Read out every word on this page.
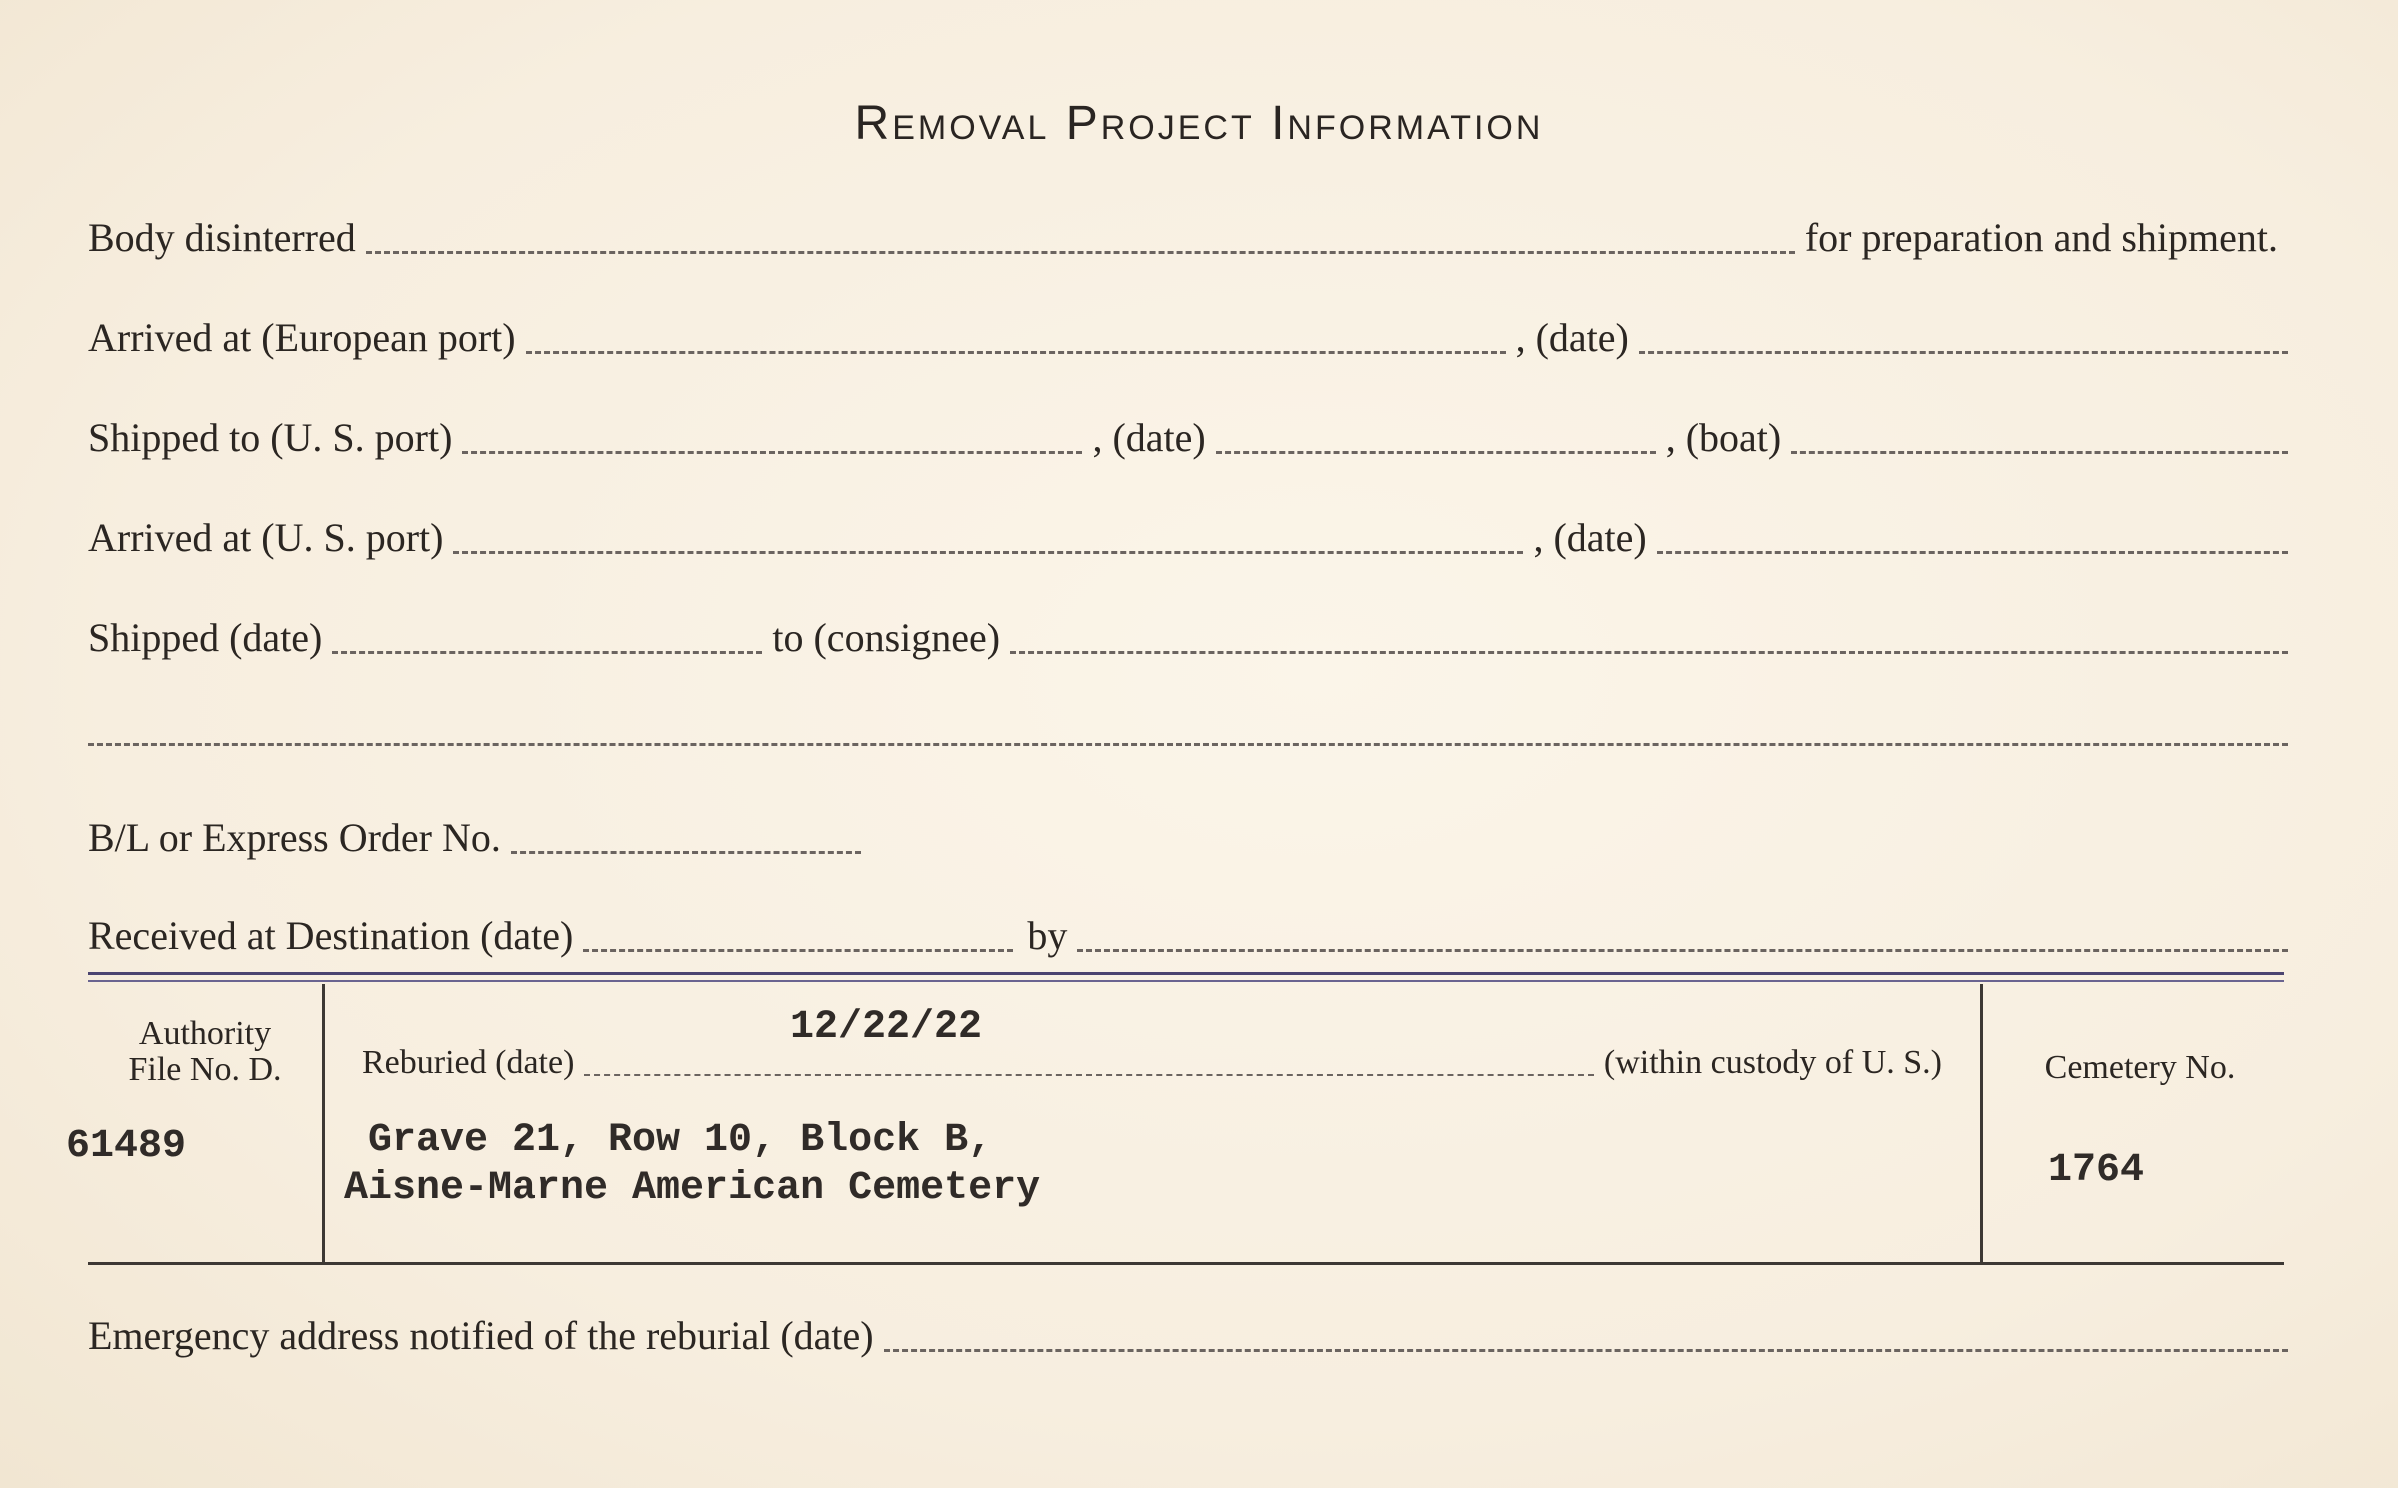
Removal Project Information
Body disinterred	for preparation and shipment.
Arrived at (European port)	, (date)
Shipped to (U. S. port)	, (date)	, (boat)
Arrived at (U. S. port)	, (date)
Shipped (date)	to (consignee)
B/L or Express Order No.
Received at Destination (date)	by
Authority
File No. D.
61489
12/22/22
Reburied (date)	(within custody of U. S.)
Grave 21, Row 10, Block B,
Aisne-Marne American Cemetery
Cemetery No.
1764
Emergency address notified of the reburial (date)
